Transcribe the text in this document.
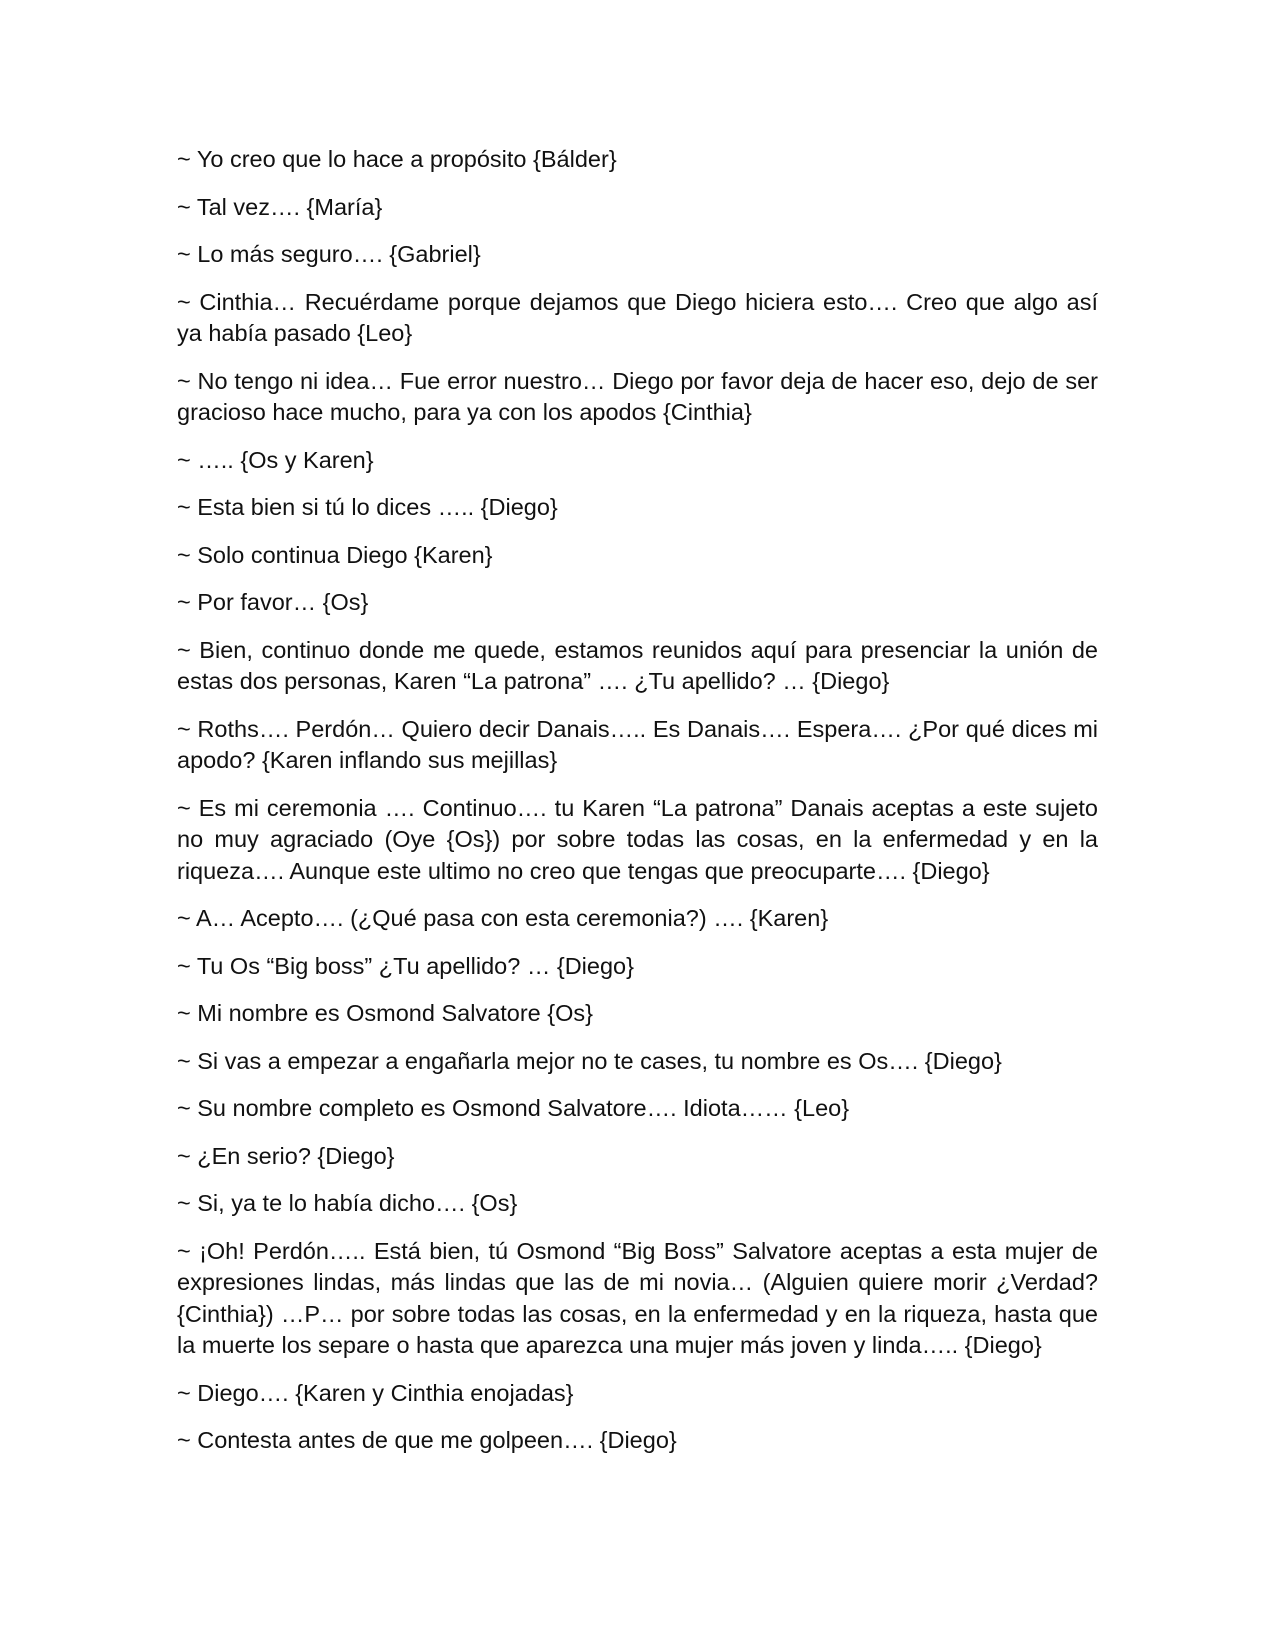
~ Yo creo que lo hace a propósito {Bálder}

~ Tal vez…. {María}

~ Lo más seguro…. {Gabriel}

~ Cinthia… Recuérdame porque dejamos que Diego hiciera esto…. Creo que algo así ya había pasado {Leo}

~ No tengo ni idea… Fue error nuestro… Diego por favor deja de hacer eso, dejo de ser gracioso hace mucho, para ya con los apodos {Cinthia}

~ ….. {Os y Karen}

~ Esta bien si tú lo dices ….. {Diego}

~ Solo continua Diego {Karen}

~ Por favor… {Os}

~ Bien, continuo donde me quede, estamos reunidos aquí para presenciar la unión de estas dos personas, Karen “La patrona” …. ¿Tu apellido? … {Diego}

~ Roths…. Perdón… Quiero decir Danais….. Es Danais…. Espera…. ¿Por qué dices mi apodo? {Karen inflando sus mejillas}

~ Es mi ceremonia …. Continuo…. tu Karen “La patrona” Danais aceptas a este sujeto no muy agraciado (Oye {Os}) por sobre todas las cosas, en la enfermedad y en la riqueza…. Aunque este ultimo no creo que tengas que preocuparte…. {Diego}

~ A… Acepto…. (¿Qué pasa con esta ceremonia?) …. {Karen}

~ Tu Os “Big boss” ¿Tu apellido? … {Diego}

~ Mi nombre es Osmond Salvatore {Os}

~ Si vas a empezar a engañarla mejor no te cases, tu nombre es Os…. {Diego}

~ Su nombre completo es Osmond Salvatore…. Idiota…… {Leo}

~ ¿En serio? {Diego}

~ Si, ya te lo había dicho…. {Os}

~ ¡Oh! Perdón….. Está bien, tú Osmond “Big Boss” Salvatore aceptas a esta mujer de expresiones lindas, más lindas que las de mi novia… (Alguien quiere morir ¿Verdad? {Cinthia}) …P… por sobre todas las cosas, en la enfermedad y en la riqueza, hasta que la muerte los separe o hasta que aparezca una mujer más joven y linda….. {Diego}

~ Diego…. {Karen y Cinthia enojadas}

~ Contesta antes de que me golpeen…. {Diego}
